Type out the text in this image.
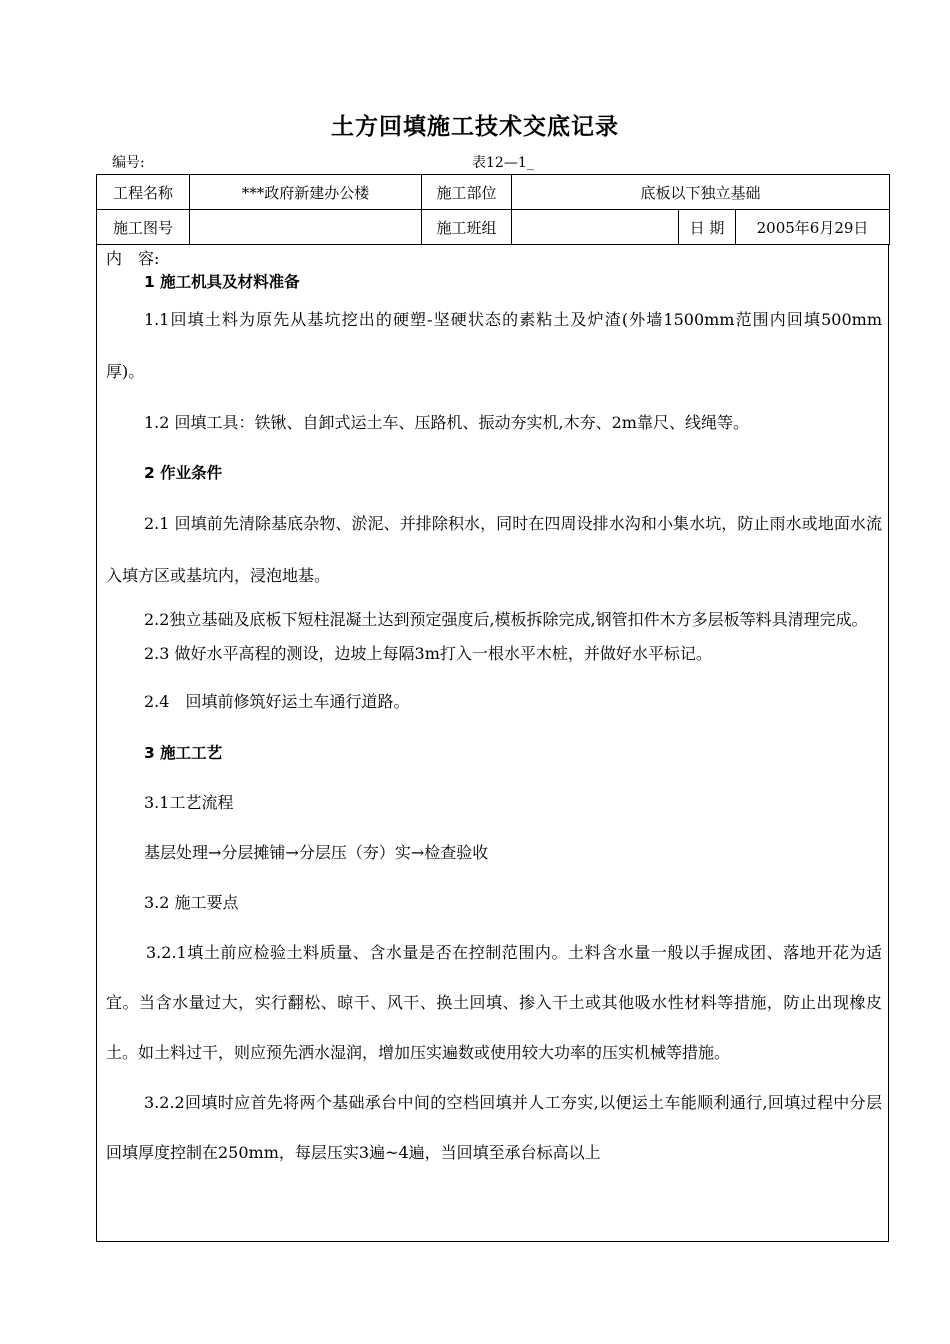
土方回填施工技术交底记录
编号:	表12—1_
工程名称	***政府新建办公楼	施工部位	底板以下独立基础		
施工图号		施工班组		日 期	2005年6月29日

内　容:

1 施工机具及材料准备

1.1回填土料为原先从基坑挖出的硬塑-坚硬状态的素粘土及炉渣(外墙1500mm范围内回填500mm 厚)。

1.2 回填工具：铁锹、自卸式运土车、压路机、振动夯实机,木夯、2m靠尺、线绳等。

2 作业条件

2.1 回填前先清除基底杂物、淤泥、并排除积水，同时在四周设排水沟和小集水坑，防止雨水或地面水流入填方区或基坑内，浸泡地基。

2.2独立基础及底板下短柱混凝土达到预定强度后,模板拆除完成,钢管扣件木方多层板等料具清理完成。

2.3 做好水平高程的测设，边坡上每隔3m打入一根水平木桩，并做好水平标记。

2.4　回填前修筑好运土车通行道路。

3 施工工艺

3.1工艺流程

基层处理→分层摊铺→分层压（夯）实→检查验收

3.2 施工要点

3.2.1填土前应检验土料质量、含水量是否在控制范围内。土料含水量一般以手握成团、落地开花为适宜。当含水量过大，实行翻松、晾干、风干、换土回填、掺入干土或其他吸水性材料等措施，防止出现橡皮土。如土料过干，则应预先洒水湿润，增加压实遍数或使用较大功率的压实机械等措施。

3.2.2回填时应首先将两个基础承台中间的空档回填并人工夯实,以便运土车能顺利通行,回填过程中分层回填厚度控制在250mm，每层压实3遍~4遍，当回填至承台标高以上
